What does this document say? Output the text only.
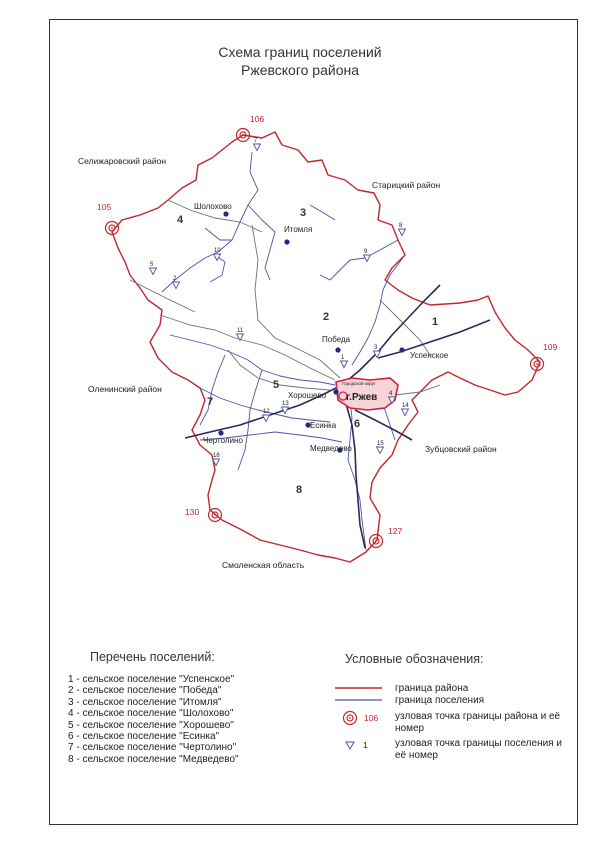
Схема границ поселений
Ржевского района
106
105
109
130
127
1
2
3
4
5
7
8
9
10
11
12
13	14
15
16
Селижаровский район
Старицкий район
Оленинский район
Зубцовский район
Смоленская область
Успенское
Победа
Итомля
Шолохово
Хорошево
Есинка
Чертолино
Медведево
г.Ржев
Городской округ
1
2
3
4
5
6
7
8
Перечень поселений:
1 - сельское поселение "Успенское"
2 - сельское поселение "Победа"
3 - сельское поселение "Итомля"
4 - сельское поселение "Шолохово"
5 - сельское поселение "Хорошево"
6 - сельское поселение "Есинка"
7 - сельское поселение "Чертолино"
8 - сельское поселение "Медведево"
Условные обозначения:
граница района
граница поселения
106 узловая точка границы района и её номер
1	узловая точка границы поселения и её номер
